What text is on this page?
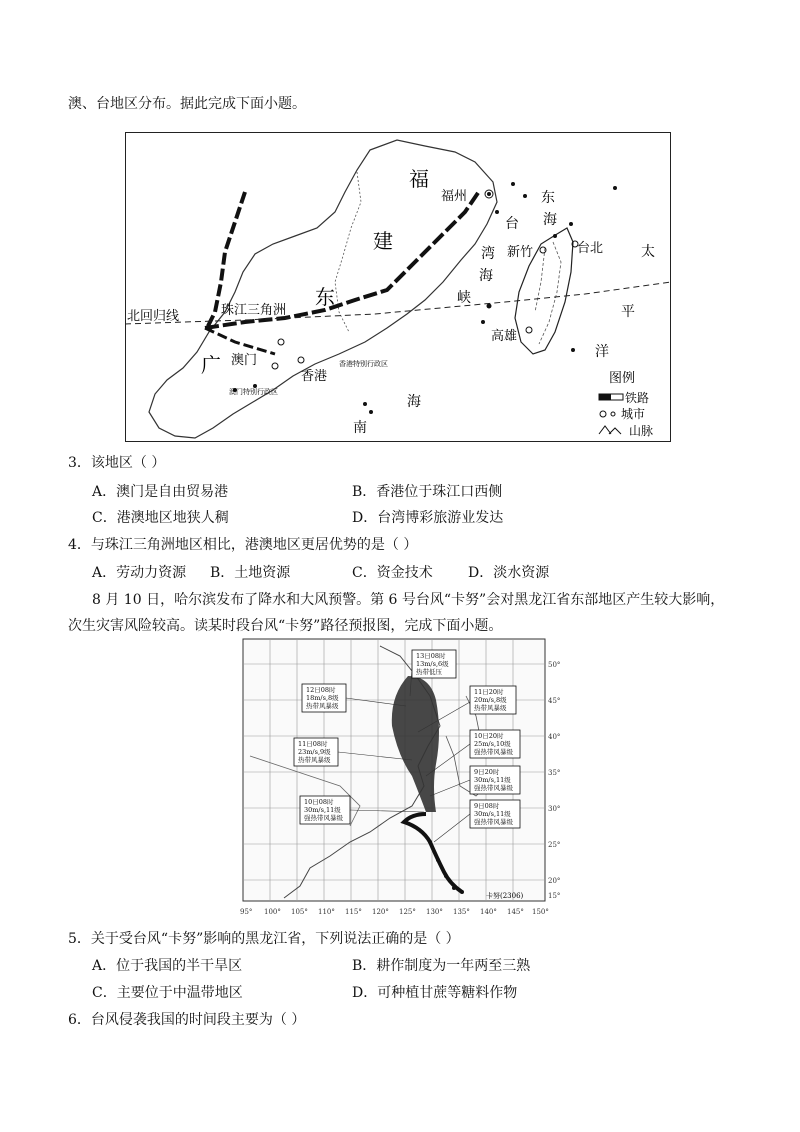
澳、台地区分布。据此完成下面小题。
福
建
东
广
福州	东
海
台
湾
海
峡
新竹	台北
高雄
太
平
洋
珠江三角洲
澳门
香港
香港特别行政区
澳门特别行政区
北回归线
海
南
图例
铁路
城市
山脉
3．该地区（ ）
A．澳门是自由贸易港	B．香港位于珠江口西侧
C．港澳地区地狭人稠	D．台湾博彩旅游业发达
4．与珠江三角洲地区相比，港澳地区更居优势的是（ ）
A．劳动力资源 B．土地资源	C．资金技术	D．淡水资源
8 月 10 日，哈尔滨发布了降水和大风预警。第 6 号台风“卡努”会对黑龙江省东部地区产生较大影响，
次生灾害风险较高。读某时段台风“卡努”路径预报图，完成下面小题。
13日08时
13m/s,6级
热带低压
12日08时
18m/s,8级
热带风暴级
11日20时
20m/s,8级
热带风暴级
11日08时
23m/s,9级
热带风暴级
10日20时
25m/s,10级
强热带风暴级
9日20时
30m/s,11级
强热带风暴级
10日08时
30m/s,11级
强热带风暴级
9日08时
30m/s,11级
强热带风暴级
卡努(2306)
95° 100° 105° 110° 115° 120° 125° 130° 135° 140° 145° 150°
50°
45°
40°
35°
30°
25°
20°
15°
5．关于受台风“卡努”影响的黑龙江省，下列说法正确的是（ ）
A．位于我国的半干旱区	B．耕作制度为一年两至三熟
C．主要位于中温带地区	D．可种植甘蔗等糖料作物
6．台风侵袭我国的时间段主要为（ ）
